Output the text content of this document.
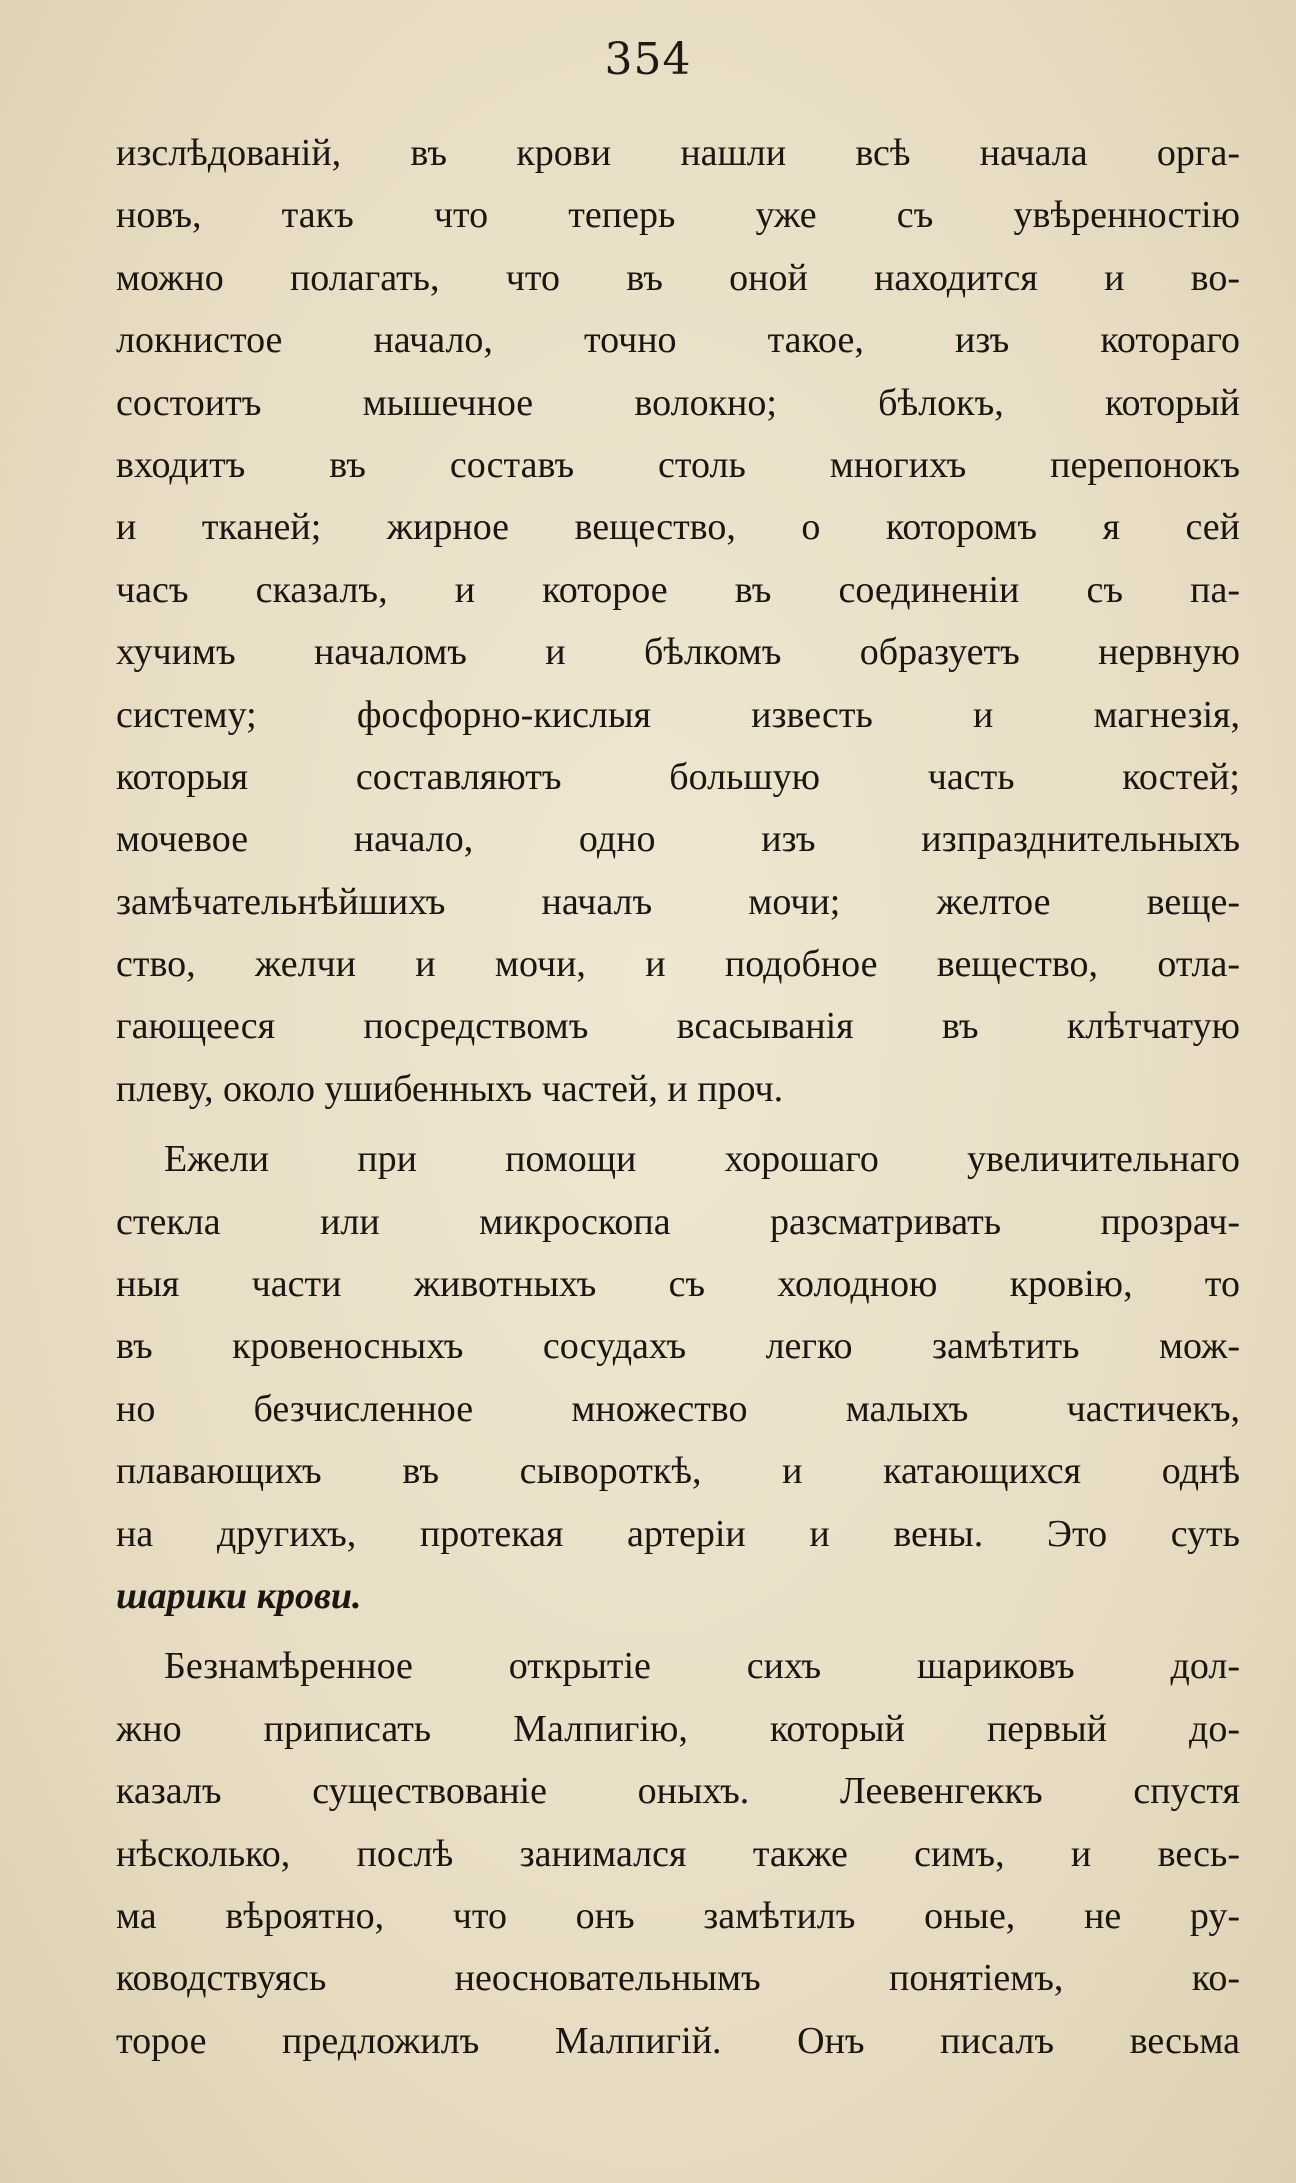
354
изслѣдованій, въ крови нашли всѣ начала орга-
новъ, такъ что теперь уже съ увѣренностію
можно полагать, что въ оной находится и во-
локнистое начало, точно такое, изъ котораго
состоитъ мышечное волокно; бѣлокъ, который
входитъ въ составъ столь многихъ перепонокъ
и тканей; жирное вещество, о которомъ я сей
часъ сказалъ, и которое въ соединеніи съ па-
хучимъ началомъ и бѣлкомъ образуетъ нервную
систему; фосфорно-кислыя известь и магнезія,
которыя составляютъ большую часть костей;
мочевое начало, одно изъ изпразднительныхъ
замѣчательнѣйшихъ началъ мочи; желтое веще-
ство, желчи и мочи, и подобное вещество, отла-
гающееся посредствомъ всасыванія въ клѣтчатую
плеву, около ушибенныхъ частей, и проч.
Ежели при помощи хорошаго увеличительнаго
стекла или микроскопа разсматривать прозрач-
ныя части животныхъ съ холодною кровію, то
въ кровеносныхъ сосудахъ легко замѣтить мож-
но безчисленное множество малыхъ частичекъ,
плавающихъ въ сывороткѣ, и катающихся однѣ
на другихъ, протекая артеріи и вены. Это суть
шарики крови.
Безнамѣренное открытіе сихъ шариковъ дол-
жно приписать Малпигію, который первый до-
казалъ существованіе оныхъ. Леевенгеккъ спустя
нѣсколько, послѣ занимался также симъ, и весь-
ма вѣроятно, что онъ замѣтилъ оные, не ру-
ководствуясь неосновательнымъ понятіемъ, ко-
торое предложилъ Малпигій. Онъ писалъ весьма
